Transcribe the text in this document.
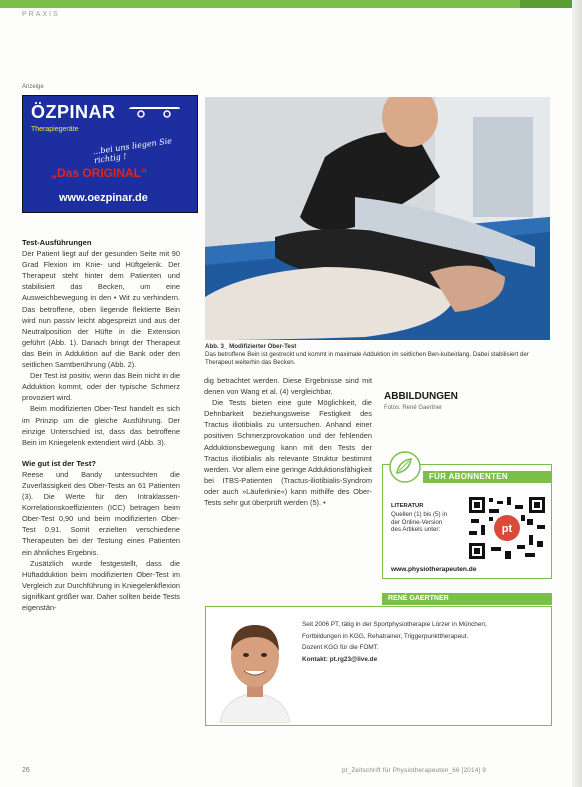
PRAXIS
Anzeige
ÖZPINAR
Therapiegeräte
...bei uns liegen Sie richtig !
„Das ORIGINAL“
www.oezpinar.de
Abb. 3_ Modifizierter Ober-Test
Das betroffene Bein ist gestreckt und kommt in maximale Adduktion im seitlichen Ben-kubeirlang. Dabei stabilisiert der Therapeut weiterhin das Becken.

Test-Ausführungen

Der Patient liegt auf der gesunden Seite mit 90 Grad Flexion im Knie- und Hüftgelenk. Der Therapeut steht hinter dem Patienten und stabilisiert das Becken, um eine Ausweichbewegung in den • Wit zu verhindern. Das betroffene, oben liegende flektierte Bein wird nun passiv leicht abgespreizt und aus der Neutralposition der Hüfte in die Extension geführt (Abb. 1). Danach bringt der Therapeut das Bein in Adduktion auf die Bank oder den seitlichen Samtberührung (Abb. 2).

Der Test ist positiv, wenn das Bein nicht in die Adduktion kommt, oder der typische Schmerz provoziert wird.

Beim modifizierten Ober-Test handelt es sich im Prinzip um die gleiche Ausführung. Der einzige Unterschied ist, dass das betroffene Bein im Kniegelenk extendiert wird (Abb. 3).

Wie gut ist der Test?

Reese und Bandy untersuchten die Zuverlässigkeit des Ober-Tests an 61 Patienten (3). Die Werte für den Intraklassen-Korrelationskoeffizienten (ICC) betragen beim Ober-Test 0,90 und beim modifizierten Ober-Test 0,91. Somit erzielten verschiedene Therapeuten bei der Testung eines Patienten ein ähnliches Ergebnis.

Zusätzlich wurde festgestellt, dass die Hüftadduktion beim modifizierten Ober-Test im Vergleich zur Durchführung in Kniegelenkflexion signifikant größer war. Daher sollten beide Tests eigenstän-

dig betrachtet werden. Diese Ergebnisse sind mit denen von Wang et al. (4) vergleichbar.

Die Tests bieten eine gute Möglichkeit, die Dehnbarkeit beziehungsweise Festigkeit des Tractus iliotibialis zu untersuchen. Anhand einer positiven Schmerzprovokation und der fehlenden Adduktionsbewegung kann mit den Tests der Tractus iliotibialis als relevante Struktur bestimmt werden. Vor allem eine geringe Adduktionsfähigkeit bei ITBS-Patienten (Tractus-iliotibialis-Syndrom oder auch »Läuferknie«) kann mithilfe des Ober-Tests sehr gut überprüft werden (5). •

ABBILDUNGEN
Fotos: René Gaertner
FÜR ABONNENTEN
LITERATUR
Quellen (1) bis (5) in der Online-Version des Artikels unter:	pt
www.physiotherapeuten.de
Seit 2006 PT, tätig in der Sportphysiotherapie Lörzer in München;
Fortbildungen in KGG, Rehatrainer, Triggerpunkttherapeut.
Dozent KGG für die FOMT.
Kontakt: pt.rg23@live.de
RENÉ GAERTNER
26	pt_Zeitschrift für Physiotherapeuten_66 [2014] 9
